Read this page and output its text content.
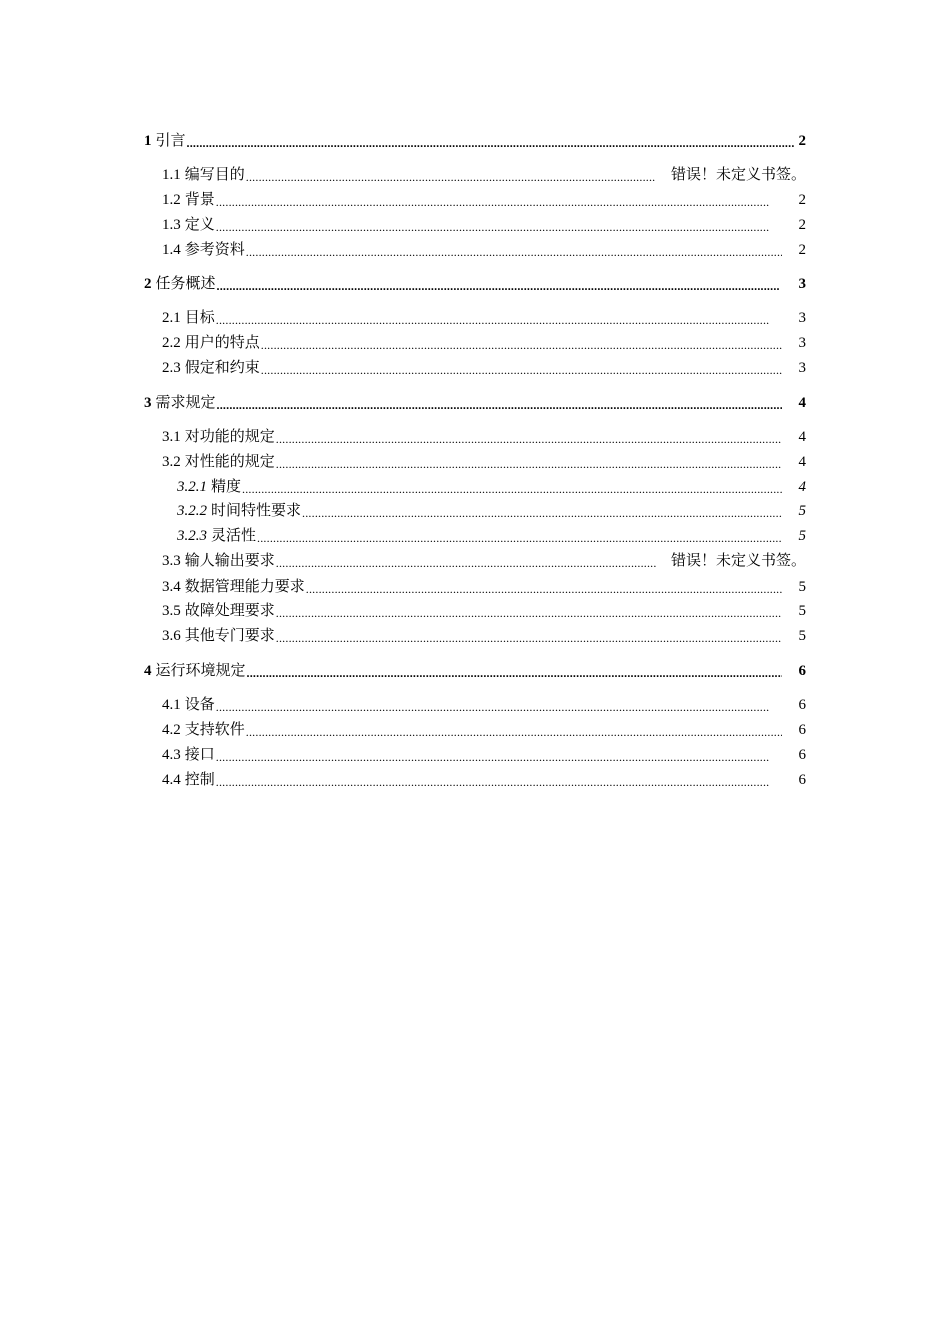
1 引言 .....	2
1.1 编写目的 .....	错误！未定义书签。
1.2 背景 .....	2
1.3 定义 .....	2
1.4 参考资料 .....	2
2 任务概述 .....	3
2.1 目标 .....	3
2.2 用户的特点 .....	3
2.3 假定和约束 .....	3
3 需求规定 .....	4
3.1 对功能的规定 .....	4
3.2 对性能的规定 .....	4
3.2.1 精度 .....	4
3.2.2 时间特性要求 .....	5
3.2.3 灵活性 .....	5
3.3 输人输出要求 .....	错误！未定义书签。
3.4 数据管理能力要求 .....	5
3.5 故障处理要求 .....	5
3.6 其他专门要求 .....	5
4 运行环境规定 .....	6
4.1 设备 .....	6
4.2 支持软件 .....	6
4.3 接口 .....	6
4.4 控制 .....	6
